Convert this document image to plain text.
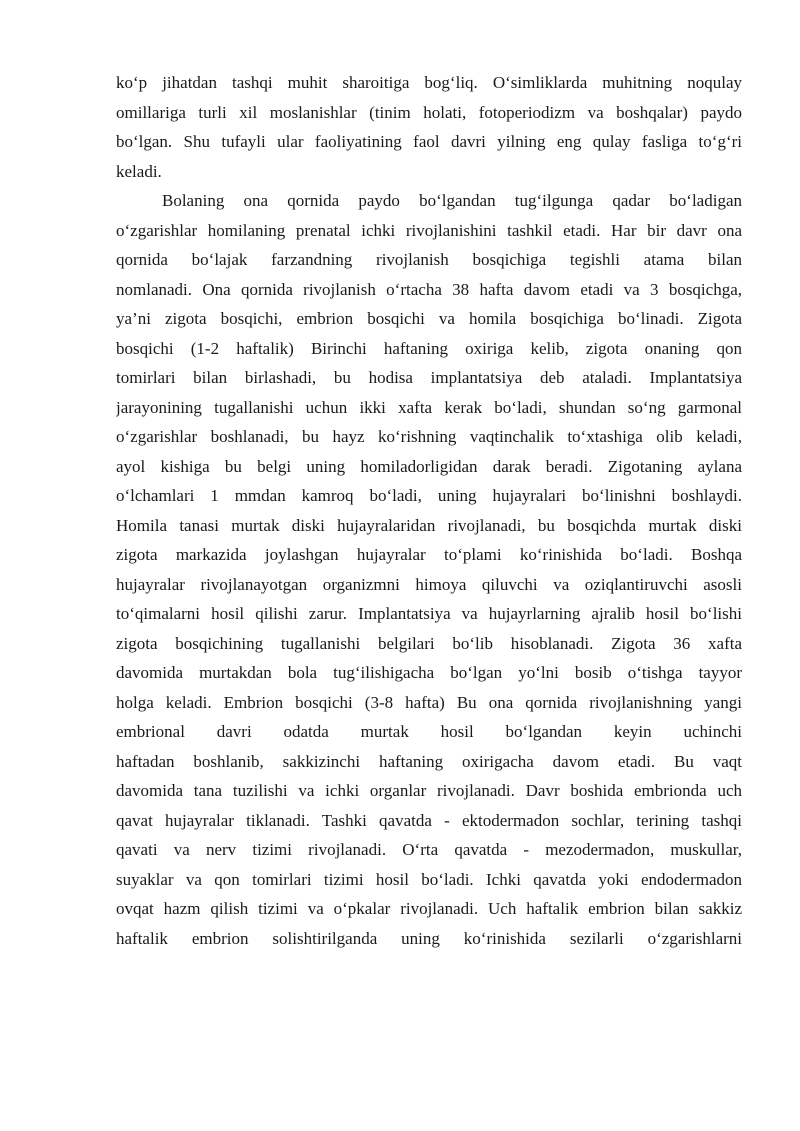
ko‘p jihatdan tashqi muhit sharoitiga bog‘liq. O‘simliklarda muhitning noqulay
omillariga turli xil moslanishlar (tinim holati, fotoperiodizm va boshqalar) paydo
bo‘lgan. Shu tufayli ular faoliyatining faol davri yilning eng qulay fasliga to‘g‘ri
keladi.
Bolaning ona qornida paydo bo‘lgandan tug‘ilgunga qadar bo‘ladigan
o‘zgarishlar homilaning prenatal ichki rivojlanishini tashkil etadi. Har bir davr ona
qornida bo‘lajak farzandning rivojlanish bosqichiga tegishli atama bilan
nomlanadi. Ona qornida rivojlanish o‘rtacha 38 hafta davom etadi va 3 bosqichga,
ya’ni zigota bosqichi, embrion bosqichi va homila bosqichiga bo‘linadi. Zigota
bosqichi (1-2 haftalik) Birinchi haftaning oxiriga kelib, zigota onaning qon
tomirlari bilan birlashadi, bu hodisa implantatsiya deb ataladi. Implantatsiya
jarayonining tugallanishi uchun ikki xafta kerak bo‘ladi, shundan so‘ng garmonal
o‘zgarishlar boshlanadi, bu hayz ko‘rishning vaqtinchalik to‘xtashiga olib keladi,
ayol kishiga bu belgi uning homiladorligidan darak beradi. Zigotaning aylana
o‘lchamlari 1 mmdan kamroq bo‘ladi, uning hujayralari bo‘linishni boshlaydi.
Homila tanasi murtak diski hujayralaridan rivojlanadi, bu bosqichda murtak diski
zigota markazida joylashgan hujayralar to‘plami ko‘rinishida bo‘ladi. Boshqa
hujayralar rivojlanayotgan organizmni himoya qiluvchi va oziqlantiruvchi asosli
to‘qimalarni hosil qilishi zarur. Implantatsiya va hujayrlarning ajralib hosil bo‘lishi
zigota bosqichining tugallanishi belgilari bo‘lib hisoblanadi. Zigota 36 xafta
davomida murtakdan bola tug‘ilishigacha bo‘lgan yo‘lni bosib o‘tishga tayyor
holga keladi. Embrion bosqichi (3-8 hafta) Bu ona qornida rivojlanishning yangi
embrional davri odatda murtak hosil bo‘lgandan keyin uchinchi
haftadan boshlanib, sakkizinchi haftaning oxirigacha davom etadi. Bu vaqt
davomida tana tuzilishi va ichki organlar rivojlanadi. Davr boshida embrionda uch
qavat hujayralar tiklanadi. Tashki qavatda - ektodermadon sochlar, terining tashqi
qavati va nerv tizimi rivojlanadi. O‘rta qavatda - mezodermadon, muskullar,
suyaklar va qon tomirlari tizimi hosil bo‘ladi. Ichki qavatda yoki endodermadon
ovqat hazm qilish tizimi va o‘pkalar rivojlanadi. Uch haftalik embrion bilan sakkiz
haftalik embrion solishtirilganda uning ko‘rinishida sezilarli o‘zgarishlarni
